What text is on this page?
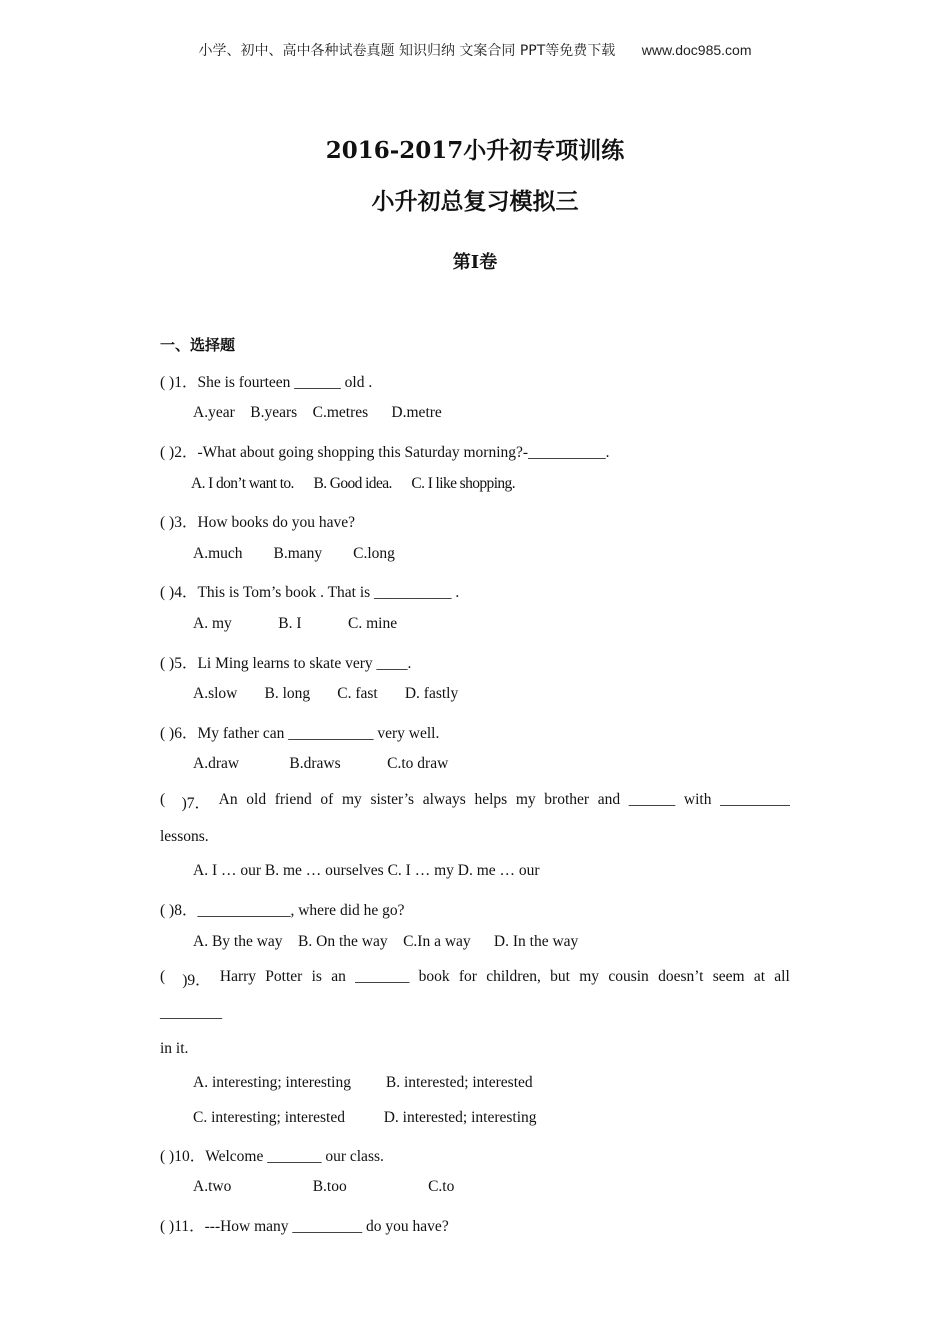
小学、初中、高中各种试卷真题 知识归纳 文案合同 PPT等免费下载 www.doc985.com
2016-2017小升初专项训练
小升初总复习模拟三
第I卷
一、选择题
( )1．She is fourteen ______ old .
A.year    B.years    C.metres      D.metre
( )2．-What about going shopping this Saturday morning?-__________.
A. I don’t want to.      B. Good idea.      C. I like shopping.
( )3．How books do you have?
A.much        B.many        C.long
( )4．This is Tom’s book . That is __________ .
A. my            B. I            C. mine
( )5．Li Ming learns to skate very ____.
A.slow       B. long       C. fast       D. fastly
( )6．My father can ___________ very well.
A.draw             B.draws            C.to draw
( )7． An old friend of my sister’s always helps my brother and ______ with _________
lessons.
A. I … our B. me … ourselves C. I … my D. me … our
( )8．____________, where did he go?
A. By the way    B. On the way    C.In a way      D. In the way
( )9． Harry Potter is an _______ book for children, but my cousin doesn’t seem at all
________
in it.
A. interesting; interesting         B. interested; interested
C. interesting; interested          D. interested; interesting
( )10．Welcome _______ our class.
A.two                     B.too                     C.to
( )11．---How many _________ do you have?
